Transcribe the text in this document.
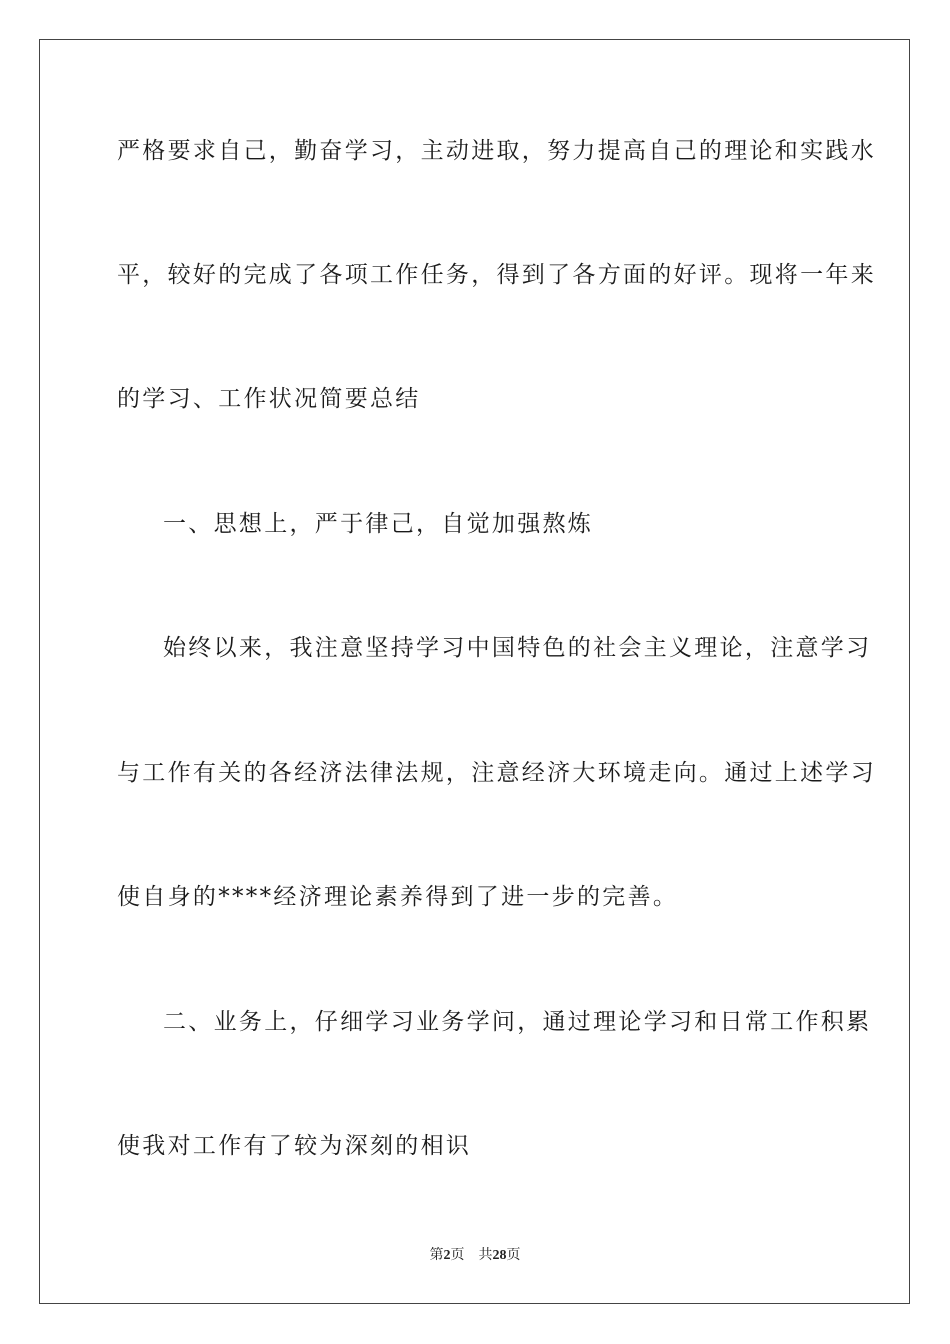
严格要求自己，勤奋学习，主动进取，努力提高自己的理论和实践水
平，较好的完成了各项工作任务，得到了各方面的好评。现将一年来
的学习、工作状况简要总结
一、思想上，严于律己，自觉加强熬炼
始终以来，我注意坚持学习中国特色的社会主义理论，注意学习
与工作有关的各经济法律法规，注意经济大环境走向。通过上述学习
使自身的****经济理论素养得到了进一步的完善。
二、业务上，仔细学习业务学问，通过理论学习和日常工作积累
使我对工作有了较为深刻的相识
第2页 共28页
